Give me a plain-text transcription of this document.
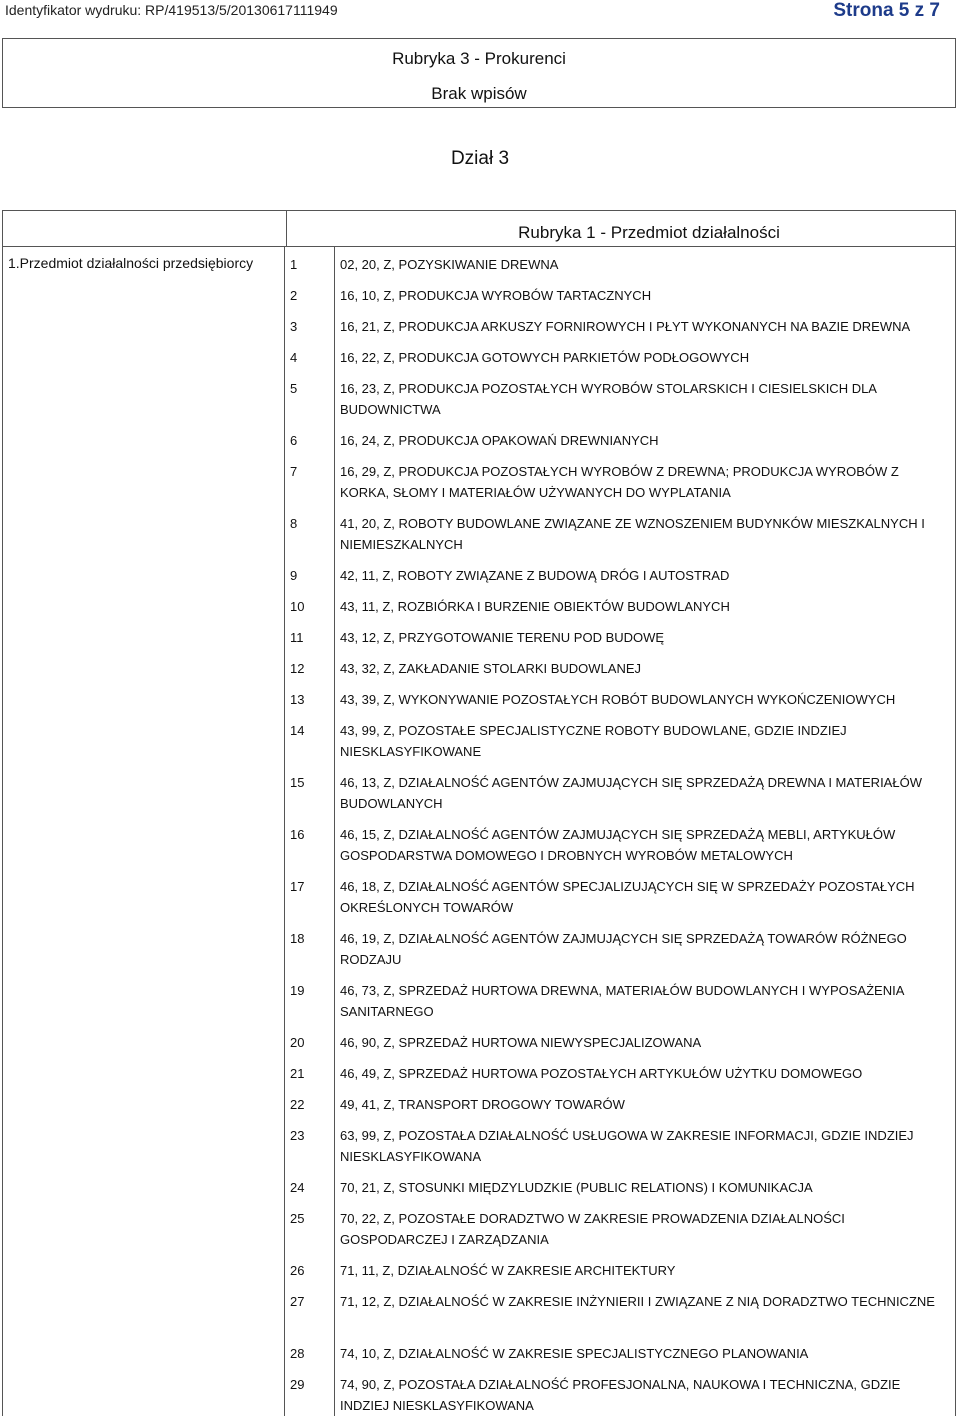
Identyfikator wydruku: RP/419513/5/20130617111949	Strona 5 z 7
Rubryka 3 - Prokurenci
Brak wpisów
Dział 3
Rubryka 1 - Przedmiot działalności
1.Przedmiot działalności przedsiębiorcy	1	02, 20, Z, POZYSKIWANIE DREWNA
2	16, 10, Z, PRODUKCJA WYROBÓW TARTACZNYCH
3	16, 21, Z, PRODUKCJA ARKUSZY FORNIROWYCH I PŁYT WYKONANYCH NA BAZIE DREWNA
4	16, 22, Z, PRODUKCJA GOTOWYCH PARKIETÓW PODŁOGOWYCH
5	16, 23, Z, PRODUKCJA POZOSTAŁYCH WYROBÓW STOLARSKICH I CIESIELSKICH DLA BUDOWNICTWA
6	16, 24, Z, PRODUKCJA OPAKOWAŃ DREWNIANYCH
7	16, 29, Z, PRODUKCJA POZOSTAŁYCH WYROBÓW Z DREWNA; PRODUKCJA WYROBÓW Z KORKA, SŁOMY I MATERIAŁÓW UŻYWANYCH DO WYPLATANIA
8	41, 20, Z, ROBOTY BUDOWLANE ZWIĄZANE ZE WZNOSZENIEM BUDYNKÓW MIESZKALNYCH I NIEMIESZKALNYCH
9	42, 11, Z, ROBOTY ZWIĄZANE Z BUDOWĄ DRÓG I AUTOSTRAD
10	43, 11, Z, ROZBIÓRKA I BURZENIE OBIEKTÓW BUDOWLANYCH
11	43, 12, Z, PRZYGOTOWANIE TERENU POD BUDOWĘ
12	43, 32, Z, ZAKŁADANIE STOLARKI BUDOWLANEJ
13	43, 39, Z, WYKONYWANIE POZOSTAŁYCH ROBÓT BUDOWLANYCH WYKOŃCZENIOWYCH
14	43, 99, Z, POZOSTAŁE SPECJALISTYCZNE ROBOTY BUDOWLANE, GDZIE INDZIEJ NIESKLASYFIKOWANE
15	46, 13, Z, DZIAŁALNOŚĆ AGENTÓW ZAJMUJĄCYCH SIĘ SPRZEDAŻĄ DREWNA I MATERIAŁÓW BUDOWLANYCH
16	46, 15, Z, DZIAŁALNOŚĆ AGENTÓW ZAJMUJĄCYCH SIĘ SPRZEDAŻĄ MEBLI, ARTYKUŁÓW GOSPODARSTWA DOMOWEGO I DROBNYCH WYROBÓW METALOWYCH
17	46, 18, Z, DZIAŁALNOŚĆ AGENTÓW SPECJALIZUJĄCYCH SIĘ W SPRZEDAŻY POZOSTAŁYCH OKREŚLONYCH TOWARÓW
18	46, 19, Z, DZIAŁALNOŚĆ AGENTÓW ZAJMUJĄCYCH SIĘ SPRZEDAŻĄ TOWARÓW RÓŻNEGO RODZAJU
19	46, 73, Z, SPRZEDAŻ HURTOWA DREWNA, MATERIAŁÓW BUDOWLANYCH I WYPOSAŻENIA SANITARNEGO
20	46, 90, Z, SPRZEDAŻ HURTOWA NIEWYSPECJALIZOWANA
21	46, 49, Z, SPRZEDAŻ HURTOWA POZOSTAŁYCH ARTYKUŁÓW UŻYTKU DOMOWEGO
22	49, 41, Z, TRANSPORT DROGOWY TOWARÓW
23	63, 99, Z, POZOSTAŁA DZIAŁALNOŚĆ USŁUGOWA W ZAKRESIE INFORMACJI, GDZIE INDZIEJ NIESKLASYFIKOWANA
24	70, 21, Z, STOSUNKI MIĘDZYLUDZKIE (PUBLIC RELATIONS) I KOMUNIKACJA
25	70, 22, Z, POZOSTAŁE DORADZTWO W ZAKRESIE PROWADZENIA DZIAŁALNOŚCI GOSPODARCZEJ I ZARZĄDZANIA
26	71, 11, Z, DZIAŁALNOŚĆ W ZAKRESIE ARCHITEKTURY
27	71, 12, Z, DZIAŁALNOŚĆ W ZAKRESIE INŻYNIERII I ZWIĄZANE Z NIĄ DORADZTWO TECHNICZNE
28	74, 10, Z, DZIAŁALNOŚĆ W ZAKRESIE SPECJALISTYCZNEGO PLANOWANIA
29	74, 90, Z, POZOSTAŁA DZIAŁALNOŚĆ PROFESJONALNA, NAUKOWA I TECHNICZNA, GDZIE INDZIEJ NIESKLASYFIKOWANA
